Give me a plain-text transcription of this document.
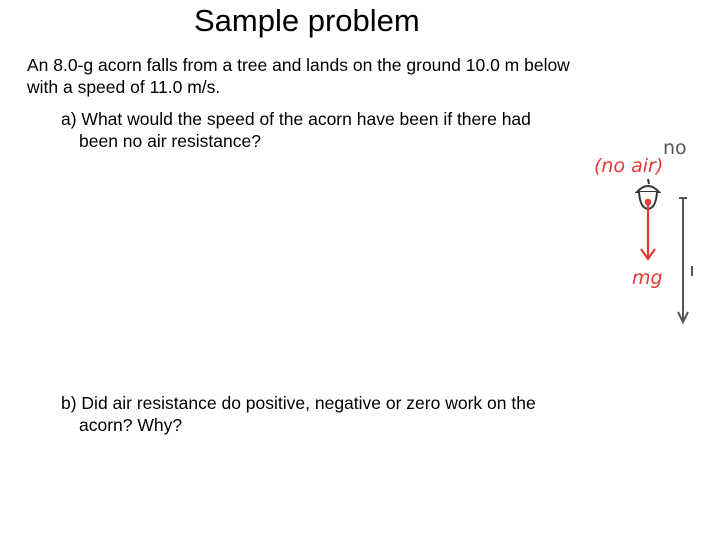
Sample problem
An 8.0-g acorn falls from a tree and lands on the ground 10.0 m below
with a speed of 11.0 m/s.
a) What would the speed of the acorn have been if there had
been no air resistance?
b) Did air resistance do positive, negative or zero work on the
acorn? Why?
no
(no air)
mg
